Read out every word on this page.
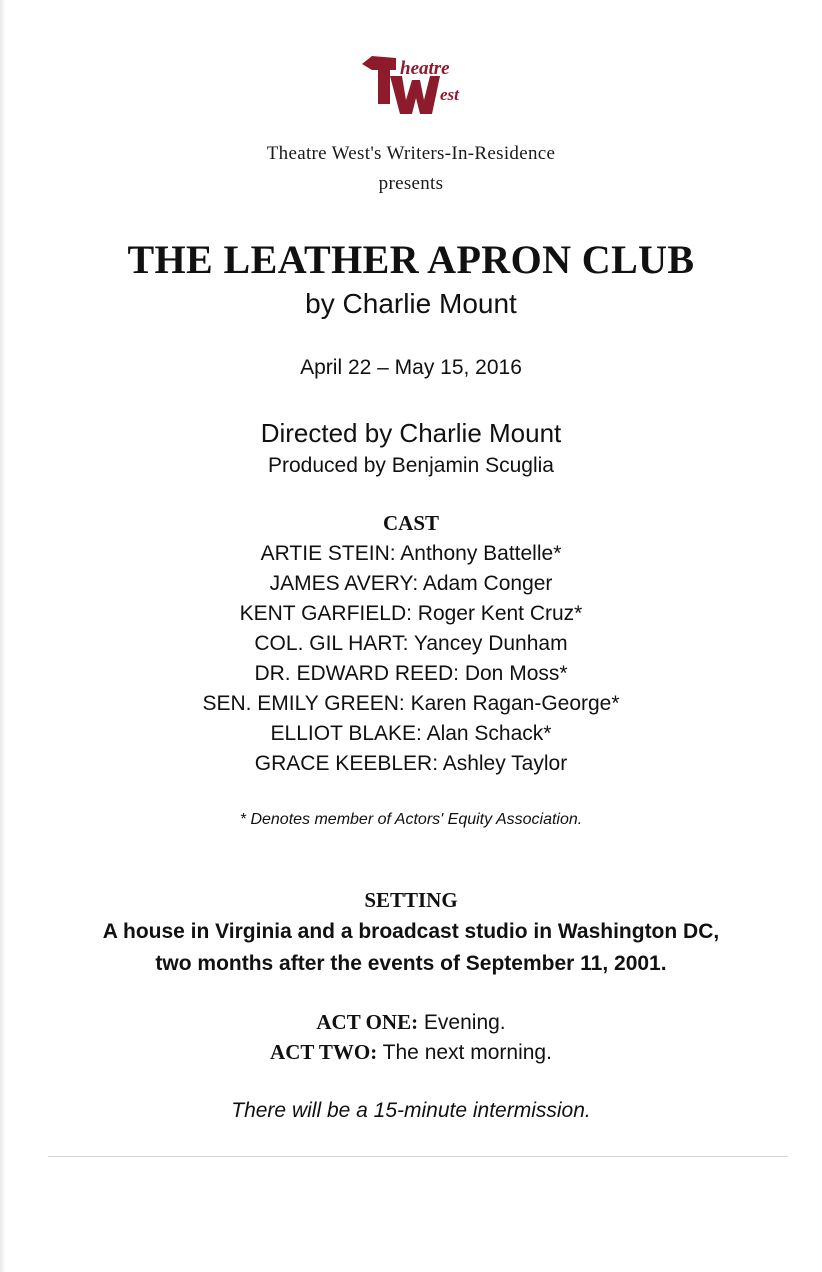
heatre
est
Theatre West's Writers-In-Residence
presents
THE LEATHER APRON CLUB
by Charlie Mount
April 22 – May 15, 2016
Directed by Charlie Mount
Produced by Benjamin Scuglia
CAST
ARTIE STEIN: Anthony Battelle*
JAMES AVERY: Adam Conger
KENT GARFIELD: Roger Kent Cruz*
COL. GIL HART: Yancey Dunham
DR. EDWARD REED: Don Moss*
SEN. EMILY GREEN: Karen Ragan-George*
ELLIOT BLAKE: Alan Schack*
GRACE KEEBLER: Ashley Taylor
* Denotes member of Actors' Equity Association.
SETTING
A house in Virginia and a broadcast studio in Washington DC,
two months after the events of September 11, 2001.
ACT ONE: Evening.
ACT TWO: The next morning.
There will be a 15-minute intermission.
